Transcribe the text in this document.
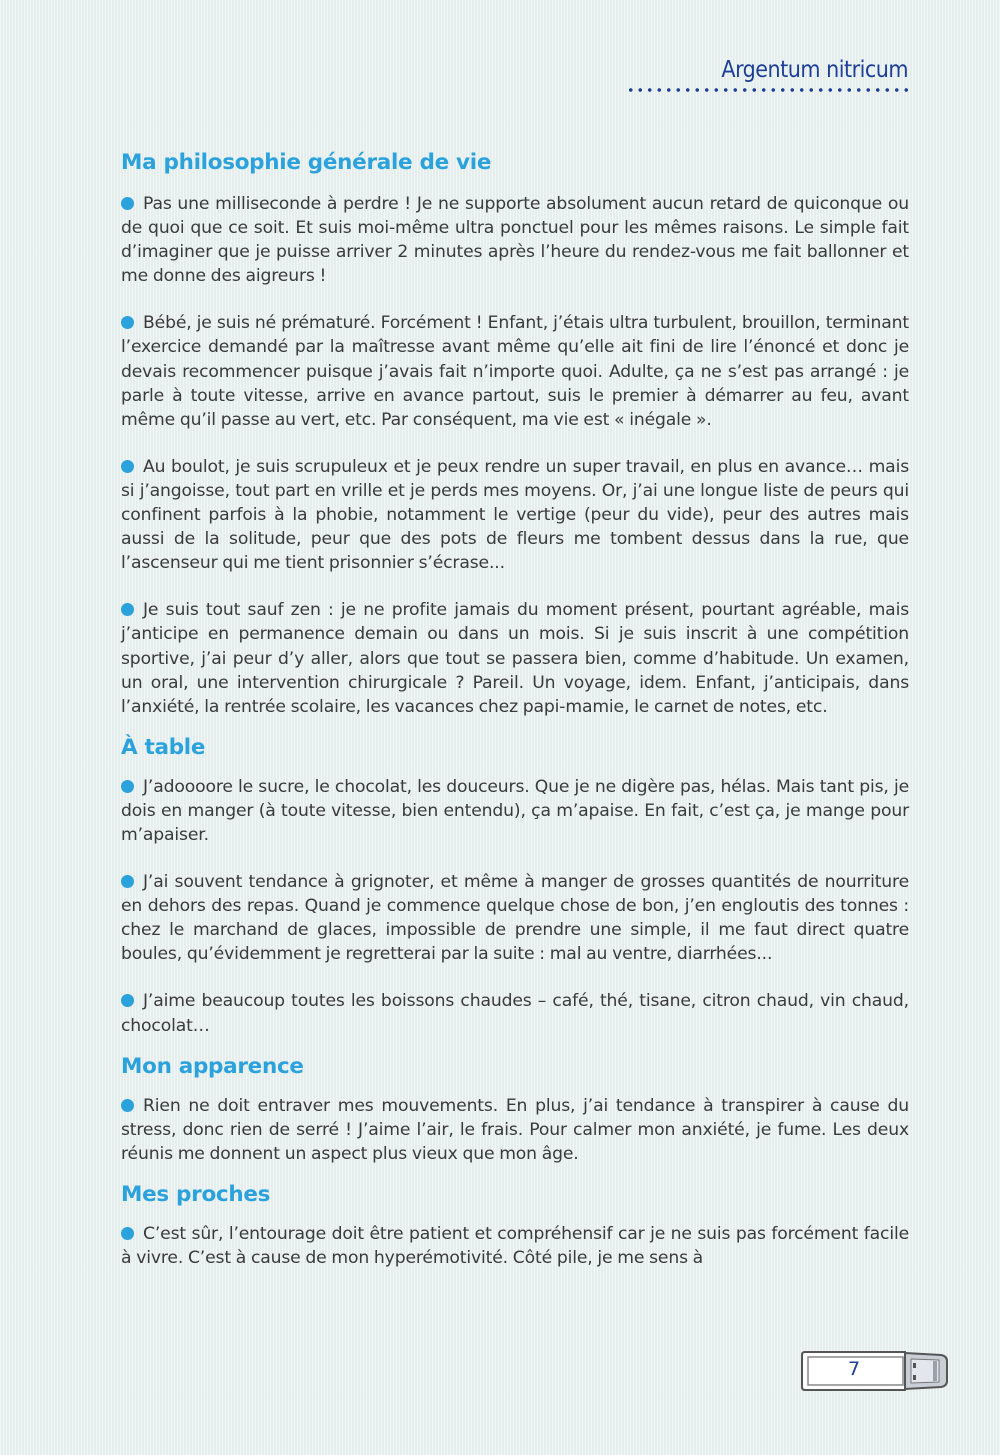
Argentum nitricum
Ma philosophie générale de vie

Pas une milliseconde à perdre ! Je ne supporte absolument aucun retard de quiconque ou de quoi que ce soit. Et suis moi-même ultra ponctuel pour les mêmes raisons. Le simple fait d’imaginer que je puisse arriver 2 minutes après l’heure du rendez-vous me fait ballonner et me donne des aigreurs !

Bébé, je suis né prématuré. Forcément ! Enfant, j’étais ultra turbulent, brouillon, terminant l’exercice demandé par la maîtresse avant même qu’elle ait fini de lire l’énoncé et donc je devais recommencer puisque j’avais fait n’importe quoi. Adulte, ça ne s’est pas arrangé : je parle à toute vitesse, arrive en avance partout, suis le premier à démarrer au feu, avant même qu’il passe au vert, etc. Par conséquent, ma vie est « inégale ».

Au boulot, je suis scrupuleux et je peux rendre un super travail, en plus en avance… mais si j’angoisse, tout part en vrille et je perds mes moyens. Or, j’ai une longue liste de peurs qui confinent parfois à la phobie, notamment le vertige (peur du vide), peur des autres mais aussi de la solitude, peur que des pots de fleurs me tombent dessus dans la rue, que l’ascenseur qui me tient prisonnier s’écrase...

Je suis tout sauf zen : je ne profite jamais du moment présent, pourtant agréable, mais j’anticipe en permanence demain ou dans un mois. Si je suis inscrit à une compétition sportive, j’ai peur d’y aller, alors que tout se passera bien, comme d’habitude. Un examen, un oral, une intervention chirurgicale ? Pareil. Un voyage, idem. Enfant, j’anticipais, dans l’anxiété, la rentrée scolaire, les vacances chez papi-mamie, le carnet de notes, etc.

À table

J’adoooore le sucre, le chocolat, les douceurs. Que je ne digère pas, hélas. Mais tant pis, je dois en manger (à toute vitesse, bien entendu), ça m’apaise. En fait, c’est ça, je mange pour m’apaiser.

J’ai souvent tendance à grignoter, et même à manger de grosses quantités de nourriture en dehors des repas. Quand je commence quelque chose de bon, j’en engloutis des tonnes : chez le marchand de glaces, impossible de prendre une simple, il me faut direct quatre boules, qu’évidemment je regretterai par la suite : mal au ventre, diarrhées...

J’aime beaucoup toutes les boissons chaudes – café, thé, tisane, citron chaud, vin chaud, chocolat…

Mon apparence

Rien ne doit entraver mes mouvements. En plus, j’ai tendance à transpirer à cause du stress, donc rien de serré ! J’aime l’air, le frais. Pour calmer mon anxiété, je fume. Les deux réunis me donnent un aspect plus vieux que mon âge.

Mes proches

C’est sûr, l’entourage doit être patient et compréhensif car je ne suis pas forcément facile à vivre. C’est à cause de mon hyperémotivité. Côté pile, je me sens à

7
